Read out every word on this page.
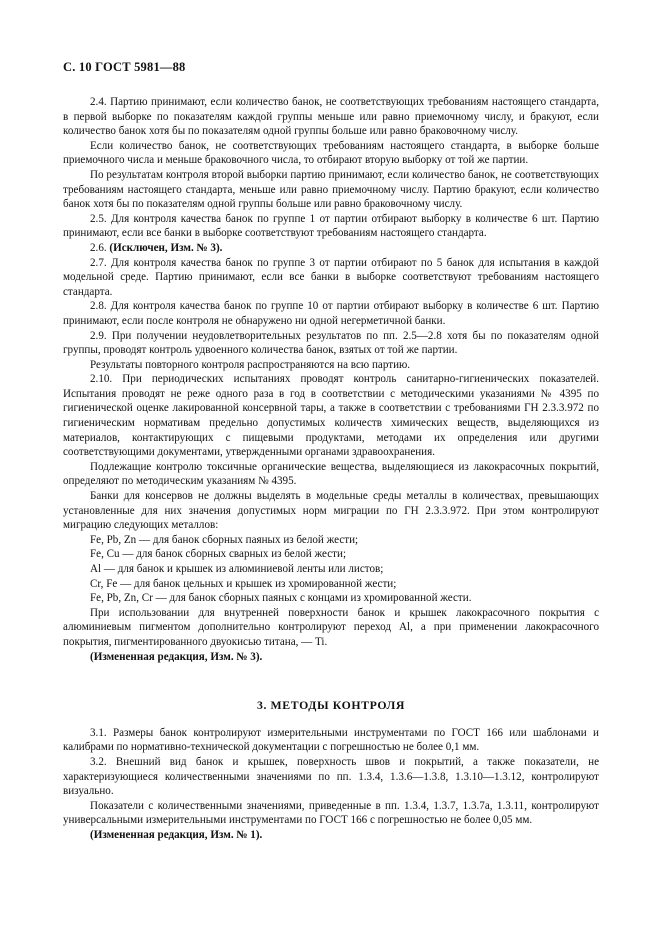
С. 10 ГОСТ 5981—88

2.4. Партию принимают, если количество банок, не соответствующих требованиям настоящего стандарта, в первой выборке по показателям каждой группы меньше или равно приемочному числу, и бракуют, если количество банок хотя бы по показателям одной группы больше или равно браковочному числу.

Если количество банок, не соответствующих требованиям настоящего стандарта, в выборке больше приемочного числа и меньше браковочного числа, то отбирают вторую выборку от той же партии.

По результатам контроля второй выборки партию принимают, если количество банок, не соответствующих требованиям настоящего стандарта, меньше или равно приемочному числу. Партию бракуют, если количество банок хотя бы по показателям одной группы больше или равно браковочному числу.

2.5. Для контроля качества банок по группе 1 от партии отбирают выборку в количестве 6 шт. Партию принимают, если все банки в выборке соответствуют требованиям настоящего стандарта.

2.6. (Исключен, Изм. № 3).

2.7. Для контроля качества банок по группе 3 от партии отбирают по 5 банок для испытания в каждой модельной среде. Партию принимают, если все банки в выборке соответствуют требованиям настоящего стандарта.

2.8. Для контроля качества банок по группе 10 от партии отбирают выборку в количестве 6 шт. Партию принимают, если после контроля не обнаружено ни одной негерметичной банки.

2.9. При получении неудовлетворительных результатов по пп. 2.5—2.8 хотя бы по показателям одной группы, проводят контроль удвоенного количества банок, взятых от той же партии.

Результаты повторного контроля распространяются на всю партию.

2.10. При периодических испытаниях проводят контроль санитарно-гигиенических показателей. Испытания проводят не реже одного раза в год в соответствии с методическими указаниями № 4395 по гигиенической оценке лакированной консервной тары, а также в соответствии с требованиями ГН 2.3.3.972 по гигиеническим нормативам предельно допустимых количеств химических веществ, выделяющихся из материалов, контактирующих с пищевыми продуктами, методами их определения или другими соответствующими документами, утвержденными органами здравоохранения.

Подлежащие контролю токсичные органические вещества, выделяющиеся из лакокрасочных покрытий, определяют по методическим указаниям № 4395.

Банки для консервов не должны выделять в модельные среды металлы в количествах, превышающих установленные для них значения допустимых норм миграции по ГН 2.3.3.972. При этом контролируют миграцию следующих металлов:

Fe, Pb, Zn — для банок сборных паяных из белой жести;

Fe, Cu — для банок сборных сварных из белой жести;

Al — для банок и крышек из алюминиевой ленты или листов;

Cr, Fe — для банок цельных и крышек из хромированной жести;

Fe, Pb, Zn, Cr — для банок сборных паяных с концами из хромированной жести.

При использовании для внутренней поверхности банок и крышек лакокрасочного покрытия с алюминиевым пигментом дополнительно контролируют переход Al, а при применении лакокрасочного покрытия, пигментированного двуокисью титана, — Ti.

(Измененная редакция, Изм. № 3).

3. МЕТОДЫ КОНТРОЛЯ

3.1. Размеры банок контролируют измерительными инструментами по ГОСТ 166 или шаблонами и калибрами по нормативно-технической документации с погрешностью не более 0,1 мм.

3.2. Внешний вид банок и крышек, поверхность швов и покрытий, а также показатели, не характеризующиеся количественными значениями по пп. 1.3.4, 1.3.6—1.3.8, 1.3.10—1.3.12, контролируют визуально.

Показатели с количественными значениями, приведенные в пп. 1.3.4, 1.3.7, 1.3.7а, 1.3.11, контролируют универсальными измерительными инструментами по ГОСТ 166 с погрешностью не более 0,05 мм.

(Измененная редакция, Изм. № 1).
